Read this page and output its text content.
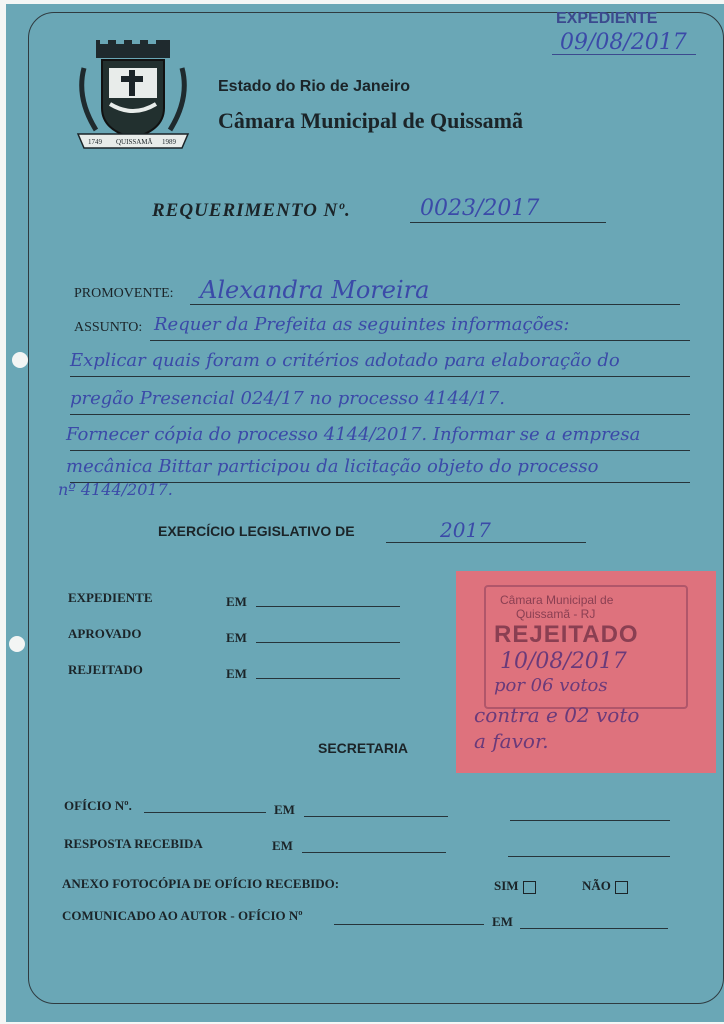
1749 QUISSAMÃ 1989
Estado do Rio de Janeiro
Câmara Municipal de Quissamã
EXPEDIENTE
09/08/2017
REQUERIMENTO Nº.	0023/2017
PROMOVENTE: Alexandra Moreira
ASSUNTO: Requer da Prefeita as seguintes informações:
Explicar quais foram o critérios adotado para elaboração do
pregão Presencial 024/17 no processo 4144/17.
Fornecer cópia do processo 4144/2017. Informar se a empresa
mecânica Bittar participou da licitação objeto do processo
nº 4144/2017.
EXERCÍCIO LEGISLATIVO DE	2017
EXPEDIENTE	EM
APROVADO	EM
REJEITADO	EM
Câmara Municipal de
Quissamã - RJ
REJEITADO
10/08/2017
por 06 votos
contra e 02 voto
a favor.
SECRETARIA
OFÍCIO Nº.	EM
RESPOSTA RECEBIDA	EM
ANEXO FOTOCÓPIA DE OFÍCIO RECEBIDO:	SIM	NÃO
COMUNICADO AO AUTOR - OFÍCIO Nº	EM
